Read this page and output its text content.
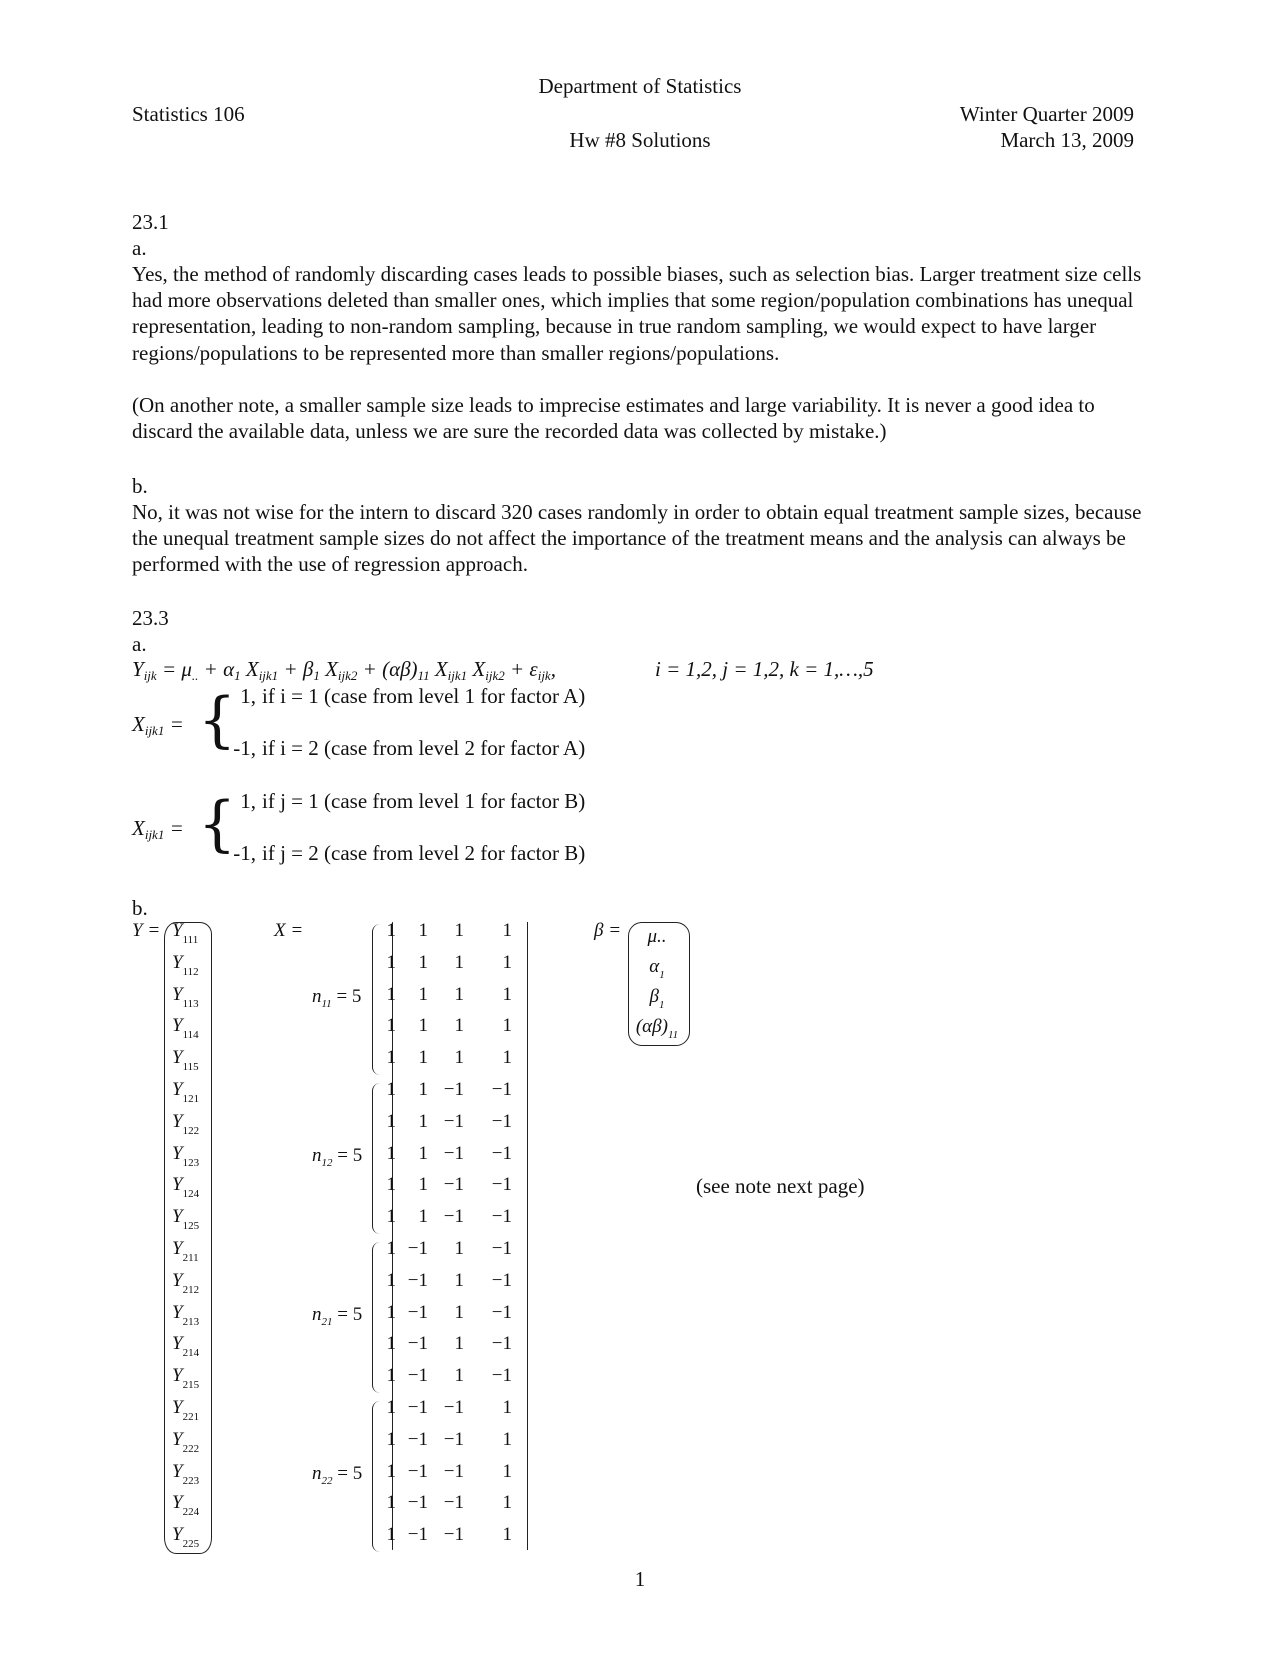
Department of Statistics
Statistics 106	Winter Quarter 2009
Hw #8 Solutions	March 13, 2009
23.1
a.
Yes, the method of randomly discarding cases leads to possible biases, such as selection bias. Larger treatment size cells had more observations deleted than smaller ones, which implies that some region/population combinations has unequal representation, leading to non-random sampling, because in true random sampling, we would expect to have larger regions/populations to be represented more than smaller regions/populations.
(On another note, a smaller sample size leads to imprecise estimates and large variability. It is never a good idea to discard the available data, unless we are sure the recorded data was collected by mistake.)
b.
No, it was not wise for the intern to discard 320 cases randomly in order to obtain equal treatment sample sizes, because the unequal treatment sample sizes do not affect the importance of the treatment means and the analysis can always be performed with the use of regression approach.
23.3
a.
$Y_{ijk} = \mu_{..} + \alpha_1$ $X_{ijk1} + \beta_1$ $X_{ijk2} + (\alpha\beta)_{11}$ $X_{ijk1}$ $X_{ijk2} + \varepsilon_{ijk}$,	i = 1,2, j = 1,2, k = 1,…,5
$X_{ijk1}$ = { 1, if i = 1 (case from level 1 for factor A)
-1, if i = 2 (case from level 2 for factor A)
$X_{ijk1}$ = { 1, if j = 1 (case from level 1 for factor B)
-1, if j = 2 (case from level 2 for factor B)
b.
Y =	X =	β =
$Y_{111}$
$Y_{112}$
$Y_{113}$
$Y_{114}$
$Y_{115}$
$Y_{121}$
$Y_{122}$
$Y_{123}$
$Y_{124}$
$Y_{125}$
$Y_{211}$
$Y_{212}$
$Y_{213}$
$Y_{214}$
$Y_{215}$
$Y_{221}$
$Y_{222}$
$Y_{223}$
$Y_{224}$
$Y_{225}$
1	1	1	1
1	1	1	1
1	1	1	1
1	1	1	1
1	1	1	1
1	1 −1	−1
1	1 −1	−1
1	1 −1	−1
1	1 −1	−1
1	1 −1	−1
1 −1	1	−1
1 −1	1	−1
1 −1	1	−1
1 −1	1	−1
1 −1	1	−1
1 −1 −1	1
1 −1 −1	1
1 −1 −1	1
1 −1 −1	1
1 −1 −1	1
$n_{11} = 5$
$n_{12} = 5$
$n_{21} = 5$
$n_{22} = 5$
μ..
$\alpha_1$
$\beta_1$
$(\alpha\beta)_{11}$
(see note next page)
1
